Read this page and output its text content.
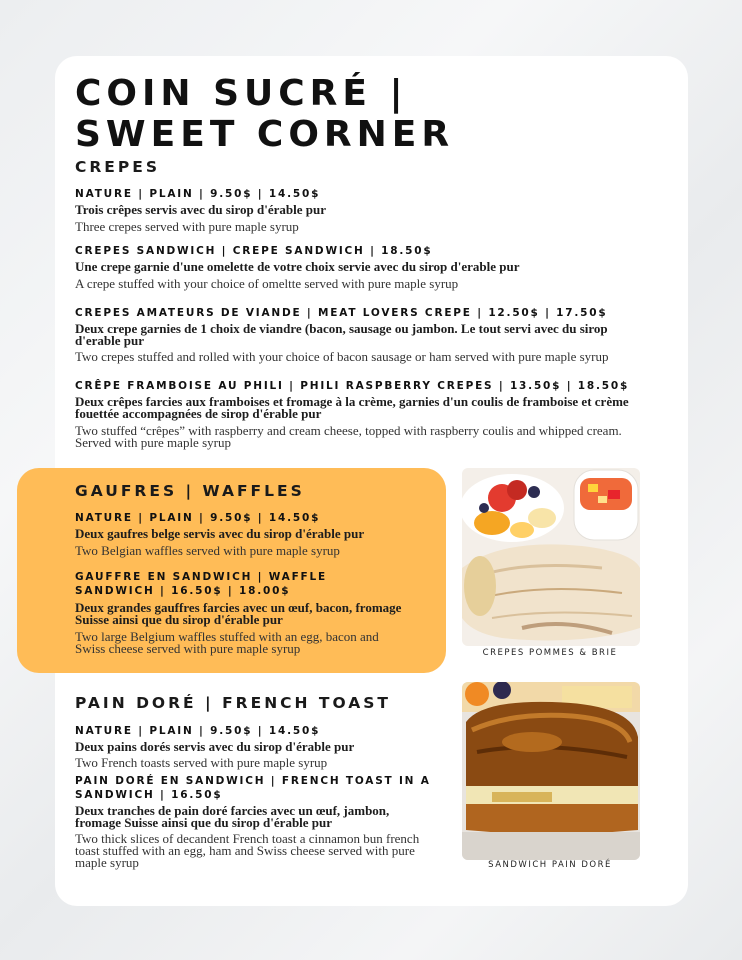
COIN SUCRÉ |
SWEET CORNER
CREPES

NATURE | PLAIN | 9.50$ | 14.50$

Trois crêpes servis avec du sirop d'érable pur

Three crepes served with pure maple syrup

CREPES SANDWICH | CREPE SANDWICH | 18.50$

Une crepe garnie d'une omelette de votre choix servie avec du sirop d'erable pur

A crepe stuffed with your choice of omeltte served with pure maple syrup

CREPES AMATEURS DE VIANDE | MEAT LOVERS CREPE | 12.50$ | 17.50$

Deux crepe garnies de 1 choix de viandre (bacon, sausage ou jambon. Le tout servi avec du sirop d'erable pur

Two crepes stuffed and rolled with your choice of bacon sausage or ham served with pure maple syrup

CRÊPE FRAMBOISE AU PHILI | PHILI RASPBERRY CREPES | 13.50$ | 18.50$

Deux crêpes farcies aux framboises et fromage à la crème, garnies d'un coulis de framboise et crème fouettée accompagnées de sirop d'érable pur

Two stuffed “crêpes” with raspberry and cream cheese, topped with raspberry coulis and whipped cream. Served with pure maple syrup

GAUFRES | WAFFLES

NATURE | PLAIN | 9.50$ | 14.50$

Deux gaufres belge servis avec du sirop d'érable pur

Two Belgian waffles served with pure maple syrup

GAUFFRE EN SANDWICH | WAFFLE
SANDWICH | 16.50$ | 18.00$

Deux grandes gauffres farcies avec un œuf, bacon, fromage Suisse ainsi que du sirop d'érable pur

Two large Belgium waffles stuffed with an egg, bacon and Swiss cheese served with pure maple syrup	CREPES POMMES & BRIE

PAIN DORÉ | FRENCH TOAST

NATURE | PLAIN | 9.50$ | 14.50$

Deux pains dorés servis avec du sirop d'érable pur

Two French toasts served with pure maple syrup

PAIN DORÉ EN SANDWICH | FRENCH TOAST IN A
SANDWICH | 16.50$

Deux tranches de pain doré farcies avec un œuf, jambon, fromage Suisse ainsi que du sirop d'érable pur

Two thick slices of decandent French toast a cinnamon bun french toast stuffed with an egg, ham and Swiss cheese served with pure maple syrup	SANDWICH PAIN DORÉ
